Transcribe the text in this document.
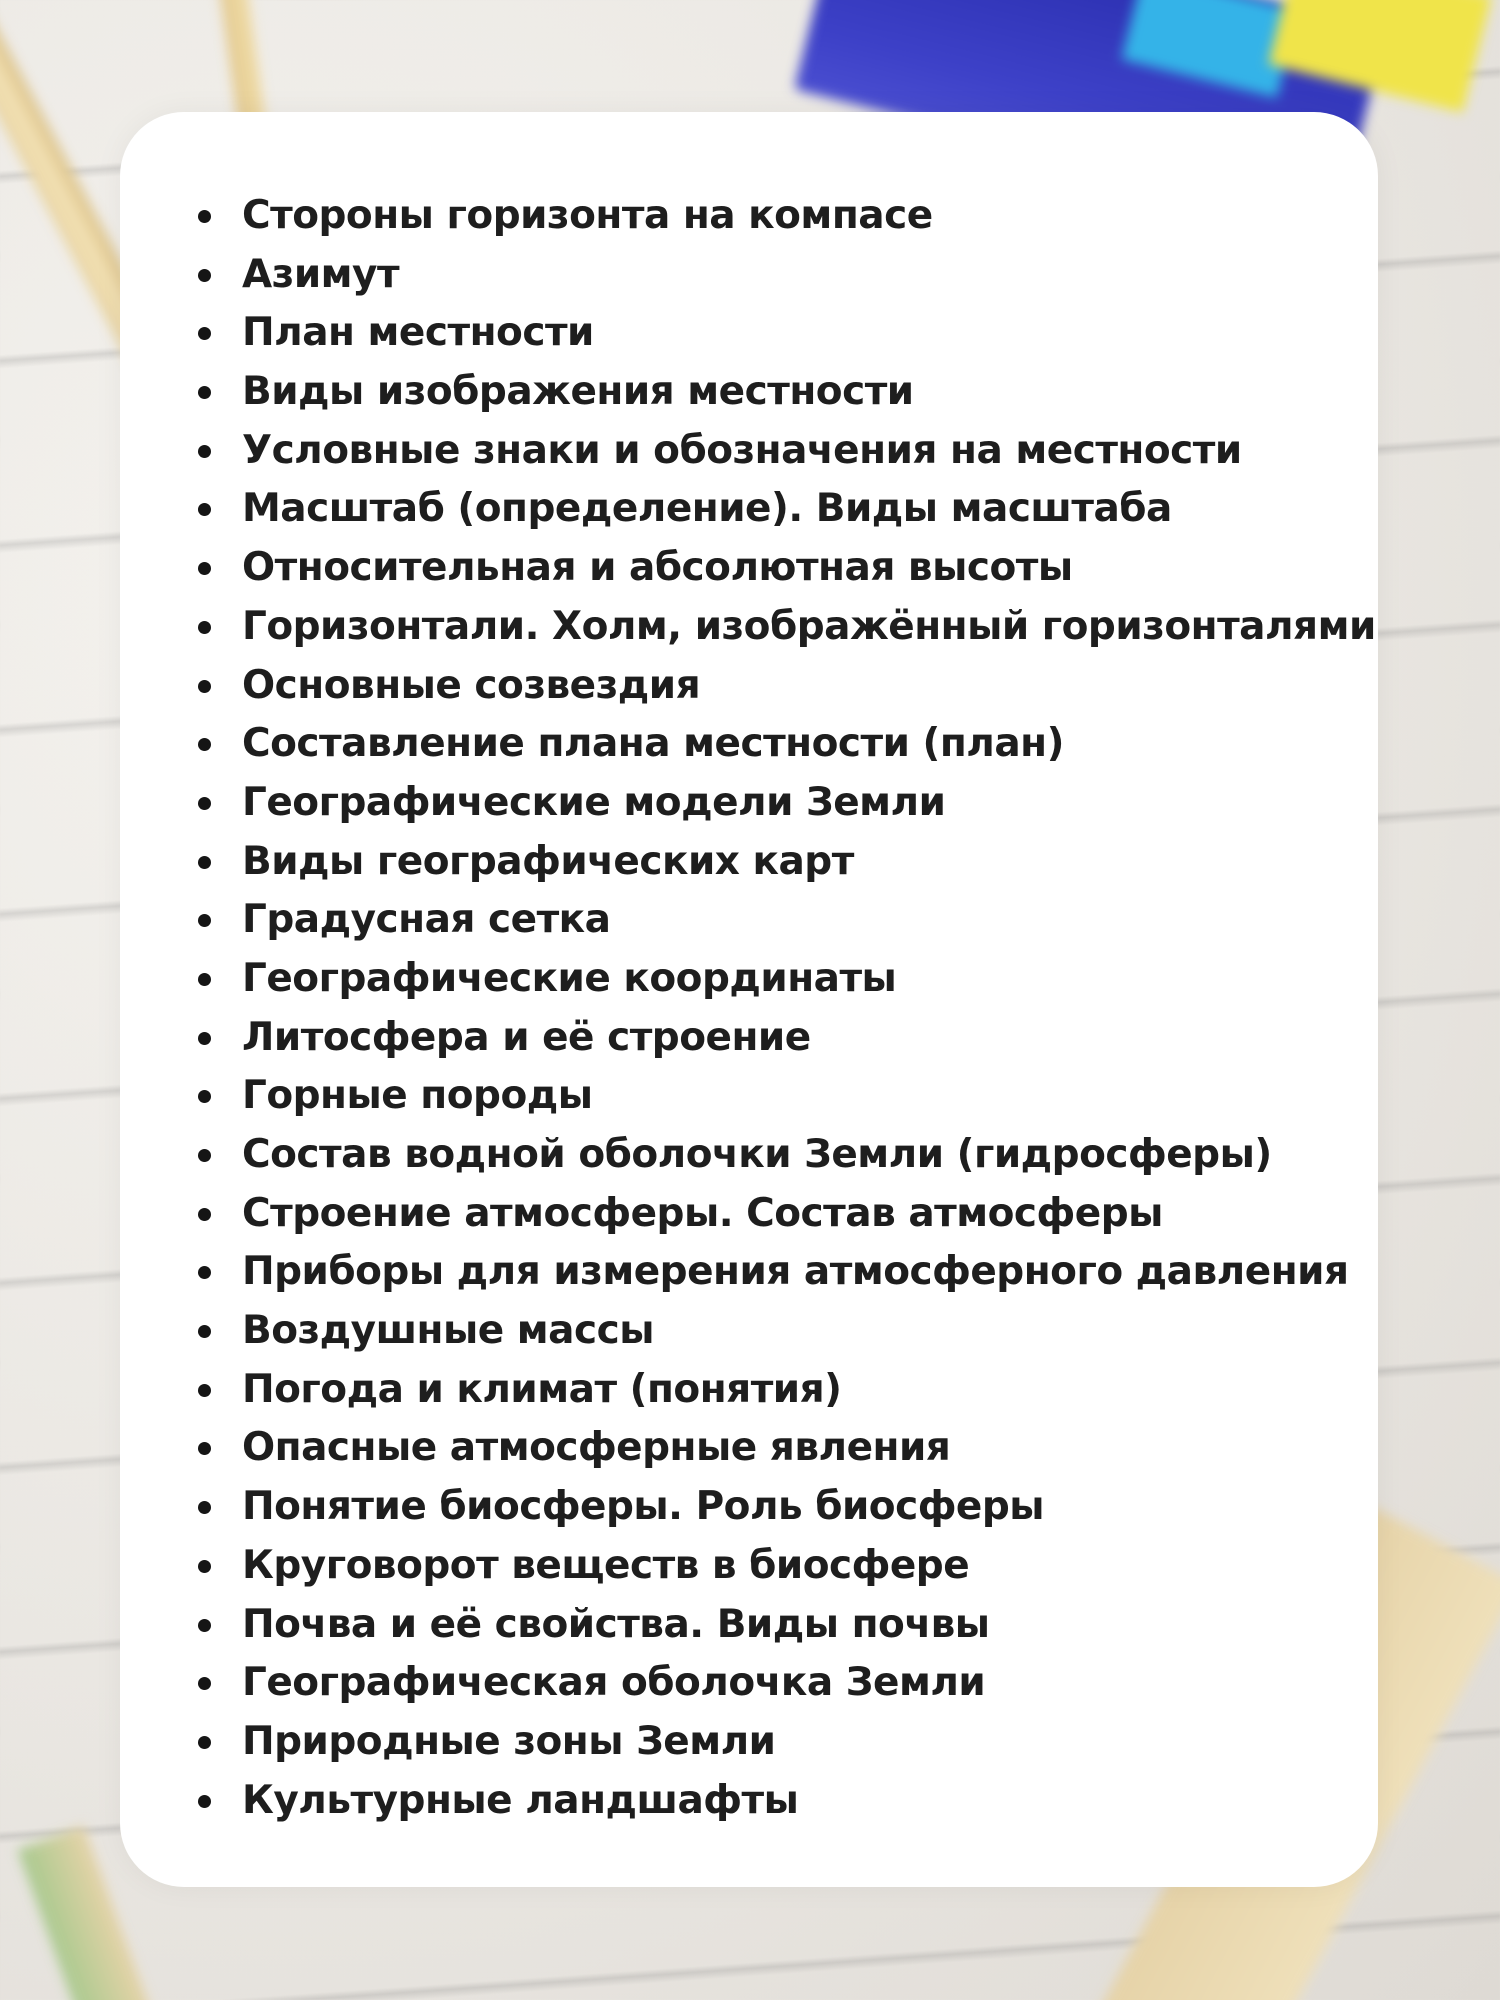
Стороны горизонта на компасе
Азимут
План местности
Виды изображения местности
Условные знаки и обозначения на местности
Масштаб (определение). Виды масштаба
Относительная и абсолютная высоты
Горизонтали. Холм, изображённый горизонталями
Основные созвездия
Составление плана местности (план)
Географические модели Земли
Виды географических карт
Градусная сетка
Географические координаты
Литосфера и её строение
Горные породы
Состав водной оболочки Земли (гидросферы)
Строение атмосферы. Состав атмосферы
Приборы для измерения атмосферного давления
Воздушные массы
Погода и климат (понятия)
Опасные атмосферные явления
Понятие биосферы. Роль биосферы
Круговорот веществ в биосфере
Почва и её свойства. Виды почвы
Географическая оболочка Земли
Природные зоны Земли
Культурные ландшафты
